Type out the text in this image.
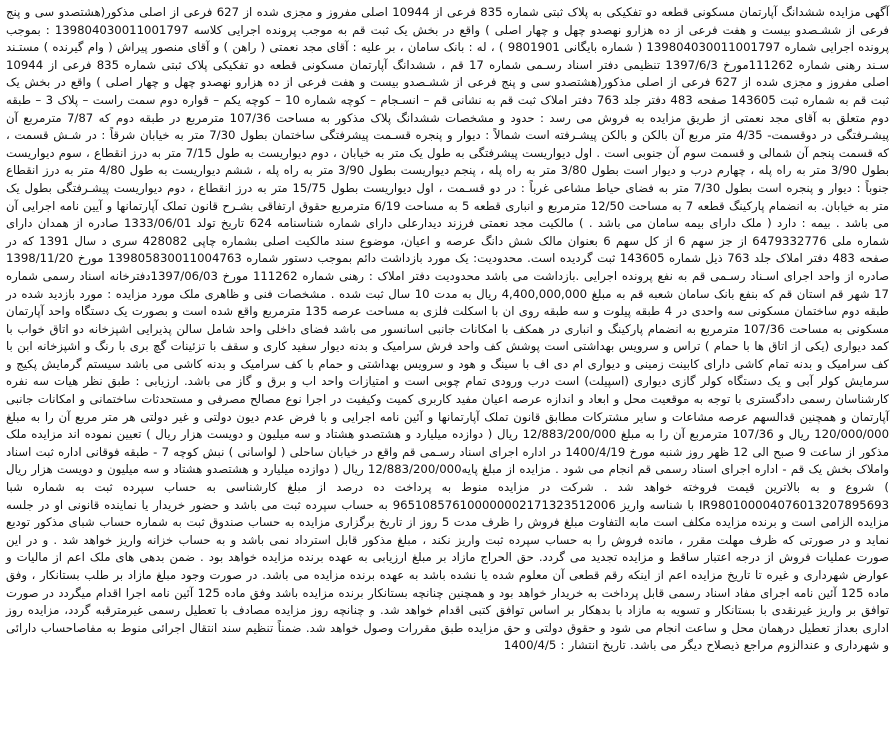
آگهی مزایده ششدانگ آپارتمان مسکونی قطعه دو تفکیکی به پلاک ثبتی شماره 835 فرعی از 10944 اصلی مفروز و مجزی شده از 627 فرعی از اصلی مذکور(هشتصدو سی و پنج فرعی از ششـصدو بیست و هفت فرعی از ده هزارو نهصدو چهل و چهار اصلی ) واقع در بخش یک ثبت قم به موجب پرونده اجرایی کلاسه 139804030011001797 : بموجب پرونده اجرایی شماره 139804030011001797 ( شماره بایگانی 9801901 ) ، له : بانک سامان ، بر علیه : آقای مجد نعمتی ( راهن ) و آقای منصور پیراش ( وام گیرنده ) مستـند سـند رهنی شماره 111262مورخ 1397/6/3 تنظیمی دفتر اسناد رسـمی شماره 17 قم ، ششدانگ آپارتمان مسکونی قطعه دو تفکیکی پلاک ثبتی شماره 835 فرعی از 10944 اصلی مفروز و مجزی شده از 627 فرعی از اصلی مذکور(هشتصدو سی و پنج فرعی از ششـصدو بیست و هفت فرعی از ده هزارو نهصدو چهل و چهار اصلی ) واقع در بخش یک ثبت قم به شماره ثبت 143605 صفحه 483 دفتر جلد 763 دفتر املاک ثبت قم به نشانی قم – انسـجام – کوچه شماره 10 – کوچه یکم – قواره دوم سمت راست – پلاک 3 – طبقه دوم متعلق به آقای مجد نعمتی از طریق مزایده به فروش می رسد : حدود و مشخصات ششدانگ پلاک مذکور به مساحت 107/36 مترمربع در طبقه دوم که 7/87 مترمربع آن پیشـرفتگی در دوقسمت- 4/35 متر مربع آن بالکن و بالکن پیشـرفته است شمالاً : دیوار و پنجره قسـمت پیشرفتگی ساختمان بطول 7/30 متر به خیابان شرقاً : در شـش قسمت ، که قسمت پنجم آن شمالی و قسمت سوم آن جنوبی است . اول دیواریست پیشرفتگی به طول یک متر به خیابان ، دوم دیواریست به طول 7/15 متر به درز انقطاع ، سوم دیواریست بطول 3/90 متر به راه پله ، چهارم درب و دیوار است بطول 3/80 متر به راه پله ، پنجم دیواریست بطول 3/90 متر به راه پله ، ششم دیواریست به طول 4/80 متر به درز انقطاع جنوباً : دیوار و پنجره است بطول 7/30 متر به فضای حیاط مشاعی غرباً : در دو قسـمت ، اول دیواریست بطول 15/75 متر به درز انقطاع ، دوم دیواریست پیشـرفتگی بطول یک متر به خیابان. به انضمام پارکینگ قطعه 7 به مساحت 12/50 مترمربع و انباری قطعه 5 به مساحت 6/19 مترمربع حقوق ارتفاقی بشـرح قانون تملک آپارتمانها و آیین نامه اجرایی آن می باشد . بیمه : دارد ( ملک دارای بیمه سامان می باشد . ) مالکیت مجد نعمتی فرزند دیدارعلی دارای شماره شناسنامه 624 تاریخ تولد 1333/06/01 صادره از همدان دارای شماره ملی 6479332776 از جز سهم 6 از کل سهم 6 بعنوان مالک شش دانگ عرصه و اعیان، موضوع سند مالکیت اصلی بشماره چاپی 428082 سری د سال 1391 که در صفحه 483 دفتر املاک جلد 763 ذیل شماره 143605 ثبت گردیده است. محدودیت: یک مورد بازداشت دائم بموجب دستور شماره 139805830011004763 مورخ 1398/11/20 صادره از واحد اجرای اسـناد رسـمی قم به نفع پرونده اجرایی .بازداشت می باشد محدودیت دفتر املاک : رهنی شماره 111262 مورخ 1397/06/03دفترخانه اسناد رسمی شماره 17 شهر قم استان قم که بنفع بانک سامان شعبه قم به مبلغ 4,400,000,000 ریال به مدت 10 سال ثبت شده . مشخصات فنی و ظاهری ملک مورد مزایده : مورد بازدید شده در طبقه دوم ساختمان مسکونی سه واحدی در 4 طبقه پیلوت و سه طبقه روی ان با اسکلت فلزی به مساحت عرصه 135 مترمربع واقع شده است و بصورت یک دستگاه واحد آپارتمان مسکونی به مساحت 107/36 مترمربع به انضمام پارکینگ و انباری در همکف با امکانات جانبی اسانسور می باشد فضای داخلی واحد شامل سالن پذیرایی اشپزخانه دو اتاق خواب با کمد دیواری (یکی از اتاق ها با حمام ) تراس و سرویس بهداشتی است پوشش کف واحد فرش سرامیک و بدنه دیوار سفید کاری و سقف با تزئینات گچ بری با رنگ و اشپزخانه ابن با کف سرامیک و بدنه تمام کاشی دارای کابینت زمینی و دیواری ام دی اف با سینگ و هود و سرویس بهداشتی و حمام با کف سرامیک و بدنه کاشی می باشد سیستم گرمایش پکیج و سرمایش کولر آبی و یک دستگاه کولر گازی دیواری (اسپیلت) است درب ورودی تمام چوبی است و امتیازات واحد اب و برق و گاز می باشد. ارزیابی : طبق نظر هیات سه نفره کارشناسان رسمی دادگستری با توجه به موقعیت محل و ابعاد و اندازه عرصه اعیان مفید کاربری کمیت وکیفیت در اجرا نوع مصالح مصرفی و مستحدثات ساختمانی و امکانات جانبی آپارتمان و همچنین قدالسهم عرصه مشاعات و سایر مشترکات مطابق قانون تملک آپارتمانها و آئین نامه اجرایی و با فرض عدم دیون دولتی و غیر دولتی هر متر مربع آن را به مبلغ 120/000/000 ریال و 107/36 مترمربع آن را به مبلغ 12/883/200/000 ریال ( دوازده میلیارد و هشتصدو هشتاد و سه میلیون و دویست هزار ریال ) تعیین نموده اند مزایده ملک مذکور از ساعت 9 صبح الی 12 ظهر روز شنبه مورخ 1400/4/19 در اداره اجرای اسناد رسـمی قم واقع در خیابان ساحلی ( لواسانی ) نبش کوچه 7 - طبقه فوقانی اداره ثبت اسناد واملاک بخش یک قم - اداره اجرای اسناد رسمی قم انجام می شود . مزایده از مبلغ پایه12/883/200/000 ریال ( دوازده میلیارد و هشتصدو هشتاد و سه میلیون و دویست هزار ریال ) شروع و به بالاترین قیمت فروخته خواهد شد . شرکت در مزایده منوط به پرداخت ده درصد از مبلغ کارشناسی به حساب سپرده ثبت به شماره شبا IR980100004076013207895693 با شناسه واریز 965108576100000002171323512006 به حساب سپرده ثبت می باشد و حضور خریدار یا نماینده قانونی او در جلسه مزایده الزامی است و برنده مزایده مکلف است مابه التفاوت مبلغ فروش را ظرف مدت 5 روز از تاریخ برگزاری مزایده به حساب صندوق ثبت به شماره حساب شبای مذکور توديع نمايد و در صورتی که ظرف مهلت مقرر ، مانده فروش را به حساب سپرده ثبت واریز نکند ، مبلغ مذکور قابل استرداد نمی باشد و به حساب خزانه واریز خواهد شد . و در این صورت عملیات فروش از درجه اعتبار ساقط و مزایده تجدید می گردد. حق الحراج مازاد بر مبلغ ارزیابی به عهده برنده مزایده خواهد بود . ضمن بدهی های ملک اعم از مالیات و عوارض شهرداری و غیره تا تاریخ مزایده اعم از اینکه رقم قطعی آن معلوم شده یا نشده باشد به عهده برنده مزایده می باشد. در صورت وجود مبلغ مازاد بر طلب بستانکار ، وفق ماده 125 آئین نامه اجرای مفاد اسناد رسمی قابل پرداخت به خریدار خواهد بود و همچنین چنانچه بستانکار برنده مزایده باشد وفق ماده 125 آئین نامه اجرا اقدام میگردد در صورت توافق بر واریز غیرنقدی با بستانکار و تسویه به مازاد با بدهکار بر اساس توافق کتبی اقدام خواهد شد. و چنانچه روز مزایده مصادف با تعطیل رسمی غیرمترقبه گردد، مزایده روز اداری بعداز تعطیل درهمان محل و ساعت انجام می شود و حقوق دولتی و حق مزایده طبق مقررات وصول خواهد شد. ضمناً تنظیم سند انتقال اجرائی منوط به مفاصاحساب دارائی و شهرداری و عندالزوم مراجع ذیصلاح دیگر می باشد. تاریخ انتشار : 1400/4/5
